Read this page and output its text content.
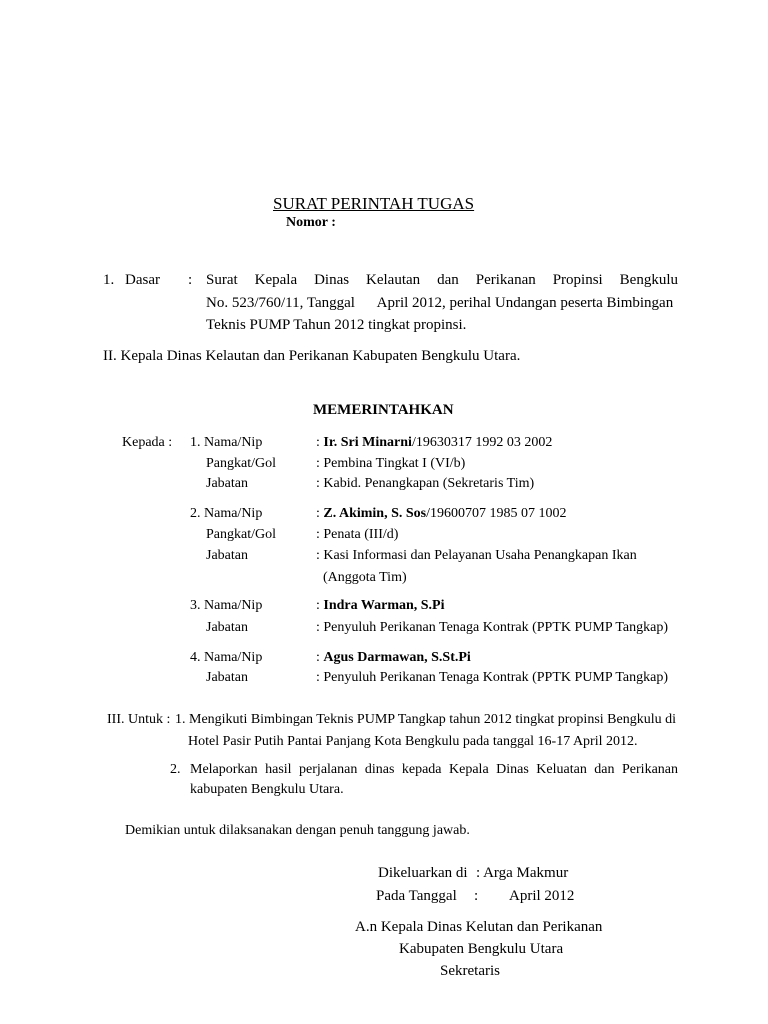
SURAT PERINTAH TUGAS
Nomor :
1. Dasar : Surat Kepala Dinas Kelautan dan Perikanan Propinsi Bengkulu
No. 523/760/11, Tanggal      April 2012, perihal Undangan peserta Bimbingan
Teknis PUMP Tahun 2012 tingkat propinsi.
II. Kepala Dinas Kelautan dan Perikanan Kabupaten Bengkulu Utara.
MEMERINTAHKAN
Kepada : 1. Nama/Nip	: Ir. Sri Minarni/19630317 1992 03 2002
Pangkat/Gol	: Pembina Tingkat I (VI/b)
Jabatan	: Kabid. Penangkapan (Sekretaris Tim)
2. Nama/Nip	: Z. Akimin, S. Sos/19600707 1985 07 1002
Pangkat/Gol	: Penata (III/d)
Jabatan	: Kasi Informasi dan Pelayanan Usaha Penangkapan Ikan
(Anggota Tim)
3. Nama/Nip	: Indra Warman, S.Pi
Jabatan	: Penyuluh Perikanan Tenaga Kontrak (PPTK PUMP Tangkap)
4. Nama/Nip	: Agus Darmawan, S.St.Pi
Jabatan	: Penyuluh Perikanan Tenaga Kontrak (PPTK PUMP Tangkap)
III. Untuk : 1. Mengikuti Bimbingan Teknis PUMP Tangkap tahun 2012 tingkat propinsi Bengkulu di
Hotel Pasir Putih Pantai Panjang Kota Bengkulu pada tanggal 16-17 April 2012.
2. Melaporkan hasil perjalanan dinas kepada Kepala Dinas Keluatan dan Perikanan
kabupaten Bengkulu Utara.
Demikian untuk dilaksanakan dengan penuh tanggung jawab.
Dikeluarkan di : Arga Makmur
Pada Tanggal : April 2012
A.n Kepala Dinas Kelutan dan Perikanan
Kabupaten Bengkulu Utara
Sekretaris
